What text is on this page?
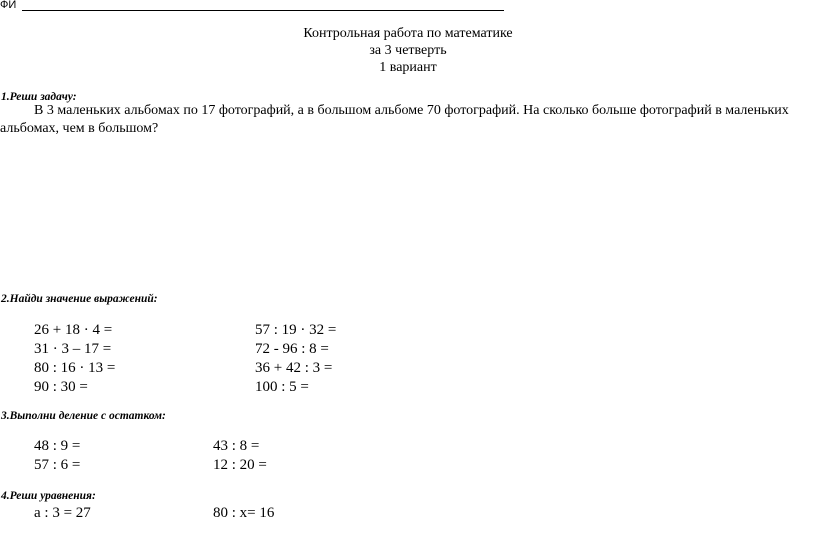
ФИ
Контрольная работа по математике
за 3 четверть
1 вариант
1.Реши задачу:
В 3 маленьких альбомах по 17 фотографий, а в большом альбоме 70 фотографий. На сколько больше фотографий в маленьких
альбомах, чем в большом?
2.Найди значение выражений:
26 + 18 · 4 =
31 · 3 – 17 =
80 : 16 · 13 =
90 : 30 =
57 : 19 · 32 =
72 - 96 : 8 =
36 + 42 : 3 =
100 : 5 =
3.Выполни деление с остатком:
48 : 9 =
57 : 6 =
43 : 8 =
12 : 20 =
4.Реши уравнения:
a : 3 = 27	80 : x= 16
